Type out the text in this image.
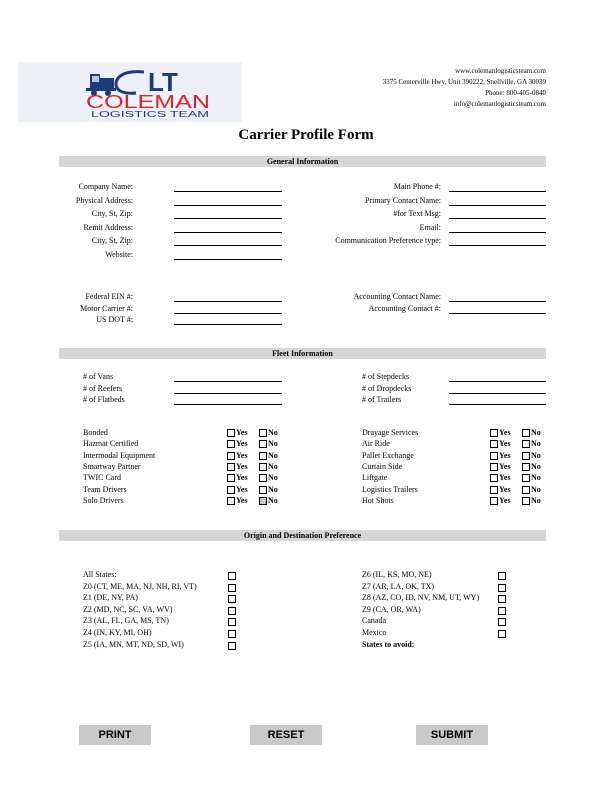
LT
COLEMAN
LOGISTICS TEAM
www.colemanlogisticsteam.com
3375 Centerville Hwy, Unit 390222, Snellville, GA 30039
Phone: 800-405-0840
info@colemanlogisticsteam.com
Carrier Profile Form
General Information
Fleet Information
Origin and Destination Preference
Company Name:
Physical Address:
City, St, Zip:
Remit Address:
City, St, Zip:
Website:
Main Phone #:
Primary Contact Name:
#for Text Msg:
Email:
Communication Preference type:
Federal EIN #:
Motor Carrier #:
US DOT #:
Accounting Contact Name:
Accounting Contact #:
# of Vans
# of Reefers
# of Flatbeds
# of Stepdecks
# of Dropdecks
# of Trailers
Bonded	Yes	No
Hazmat Certified	Yes	No
Intermodal Equipment	Yes	No
Smartway Partner	Yes	No
TWIC Card	Yes	No
Team Drivers	Yes	No
Solo Drivers	Yes	No
Drayage Services	Yes	No
Air Ride	Yes	No
Pallet Exchange	Yes	No
Curtain Side	Yes	No
Liftgate	Yes	No
Logistics Trailers	Yes	No
Hot Shots	Yes	No
All States:
Z0 (CT, ME, MA, NJ, NH, RI, VT)
Z1 (DE, NY, PA)
Z2 (MD, NC, SC, VA, WV)
Z3 (AL, FL, GA, MS, TN)
Z4 (IN, KY, MI, OH)
Z5 (IA, MN, MT, ND, SD, WI)
Z6 (IL, KS, MO, NE)
Z7 (AR, LA, OK, TX)
Z8 (AZ, CO, ID, NV, NM, UT, WY)
Z9 (CA, OR, WA)
Canada
Mexico
States to avoid:
PRINT	RESET	SUBMIT
